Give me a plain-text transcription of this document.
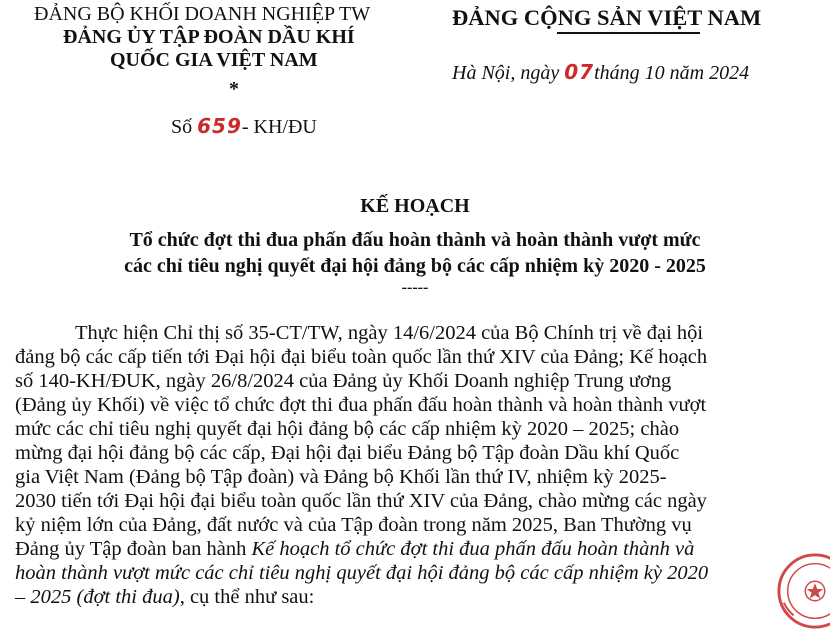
ĐẢNG BỘ KHỐI DOANH NGHIỆP TW
ĐẢNG ỦY TẬP ĐOÀN DẦU KHÍ
QUỐC GIA VIỆT NAM
*
Số 659- KH/ĐU
ĐẢNG CỘNG SẢN VIỆT NAM
Hà Nội, ngày 07tháng 10 năm 2024
KẾ HOẠCH
Tổ chức đợt thi đua phấn đấu hoàn thành và hoàn thành vượt mức
các chỉ tiêu nghị quyết đại hội đảng bộ các cấp nhiệm kỳ 2020 - 2025
-----
Thực hiện Chỉ thị số 35-CT/TW, ngày 14/6/2024 của Bộ Chính trị về đại hội
đảng bộ các cấp tiến tới Đại hội đại biểu toàn quốc lần thứ XIV của Đảng; Kế hoạch
số 140-KH/ĐUK, ngày 26/8/2024 của Đảng ủy Khối Doanh nghiệp Trung ương
(Đảng ủy Khối) về việc tổ chức đợt thi đua phấn đấu hoàn thành và hoàn thành vượt
mức các chỉ tiêu nghị quyết đại hội đảng bộ các cấp nhiệm kỳ 2020 – 2025; chào
mừng đại hội đảng bộ các cấp, Đại hội đại biểu Đảng bộ Tập đoàn Dầu khí Quốc
gia Việt Nam (Đảng bộ Tập đoàn) và Đảng bộ Khối lần thứ IV, nhiệm kỳ 2025-
2030 tiến tới Đại hội đại biểu toàn quốc lần thứ XIV của Đảng, chào mừng các ngày
kỷ niệm lớn của Đảng, đất nước và của Tập đoàn trong năm 2025, Ban Thường vụ
Đảng ủy Tập đoàn ban hành Kế hoạch tổ chức đợt thi đua phấn đấu hoàn thành và
hoàn thành vượt mức các chỉ tiêu nghị quyết đại hội đảng bộ các cấp nhiệm kỳ 2020
– 2025 (đợt thi đua), cụ thể như sau:
